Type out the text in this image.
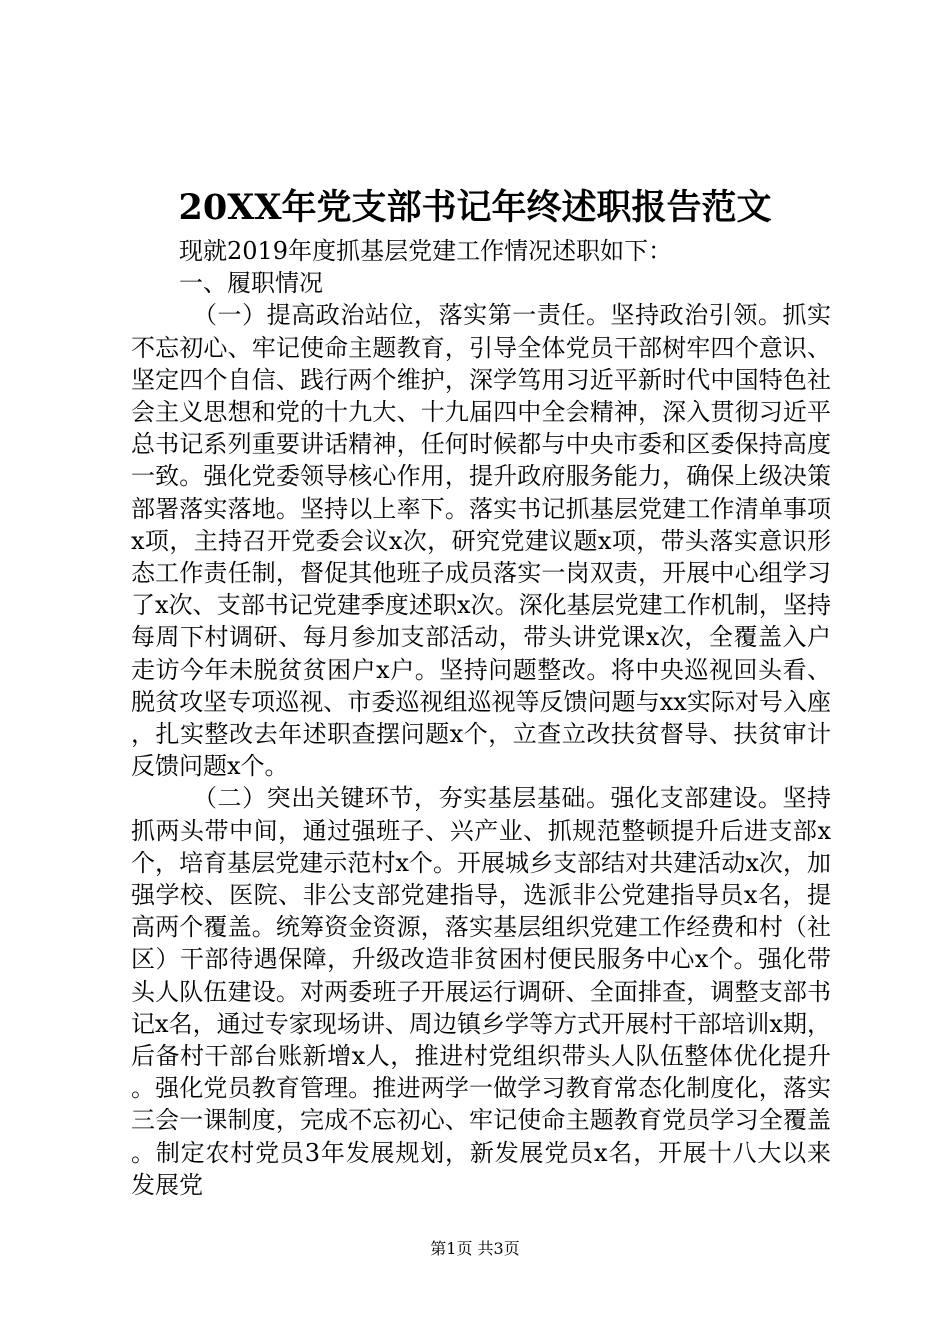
20XX年党支部书记年终述职报告范文

现就2019年度抓基层党建工作情况述职如下：

一、履职情况

（一）提高政治站位，落实第一责任。坚持政治引领。抓实不忘初心、牢记使命主题教育，引导全体党员干部树牢四个意识、坚定四个自信、践行两个维护，深学笃用习近平新时代中国特色社会主义思想和党的十九大、十九届四中全会精神，深入贯彻习近平总书记系列重要讲话精神，任何时候都与中央市委和区委保持高度一致。强化党委领导核心作用，提升政府服务能力，确保上级决策部署落实落地。坚持以上率下。落实书记抓基层党建工作清单事项x项，主持召开党委会议x次，研究党建议题x项，带头落实意识形态工作责任制，督促其他班子成员落实一岗双责，开展中心组学习了x次、支部书记党建季度述职x次。深化基层党建工作机制，坚持每周下村调研、每月参加支部活动，带头讲党课x次，全覆盖入户走访今年未脱贫贫困户x户。坚持问题整改。将中央巡视回头看、脱贫攻坚专项巡视、市委巡视组巡视等反馈问题与xx实际对号入座，扎实整改去年述职查摆问题x个，立查立改扶贫督导、扶贫审计反馈问题x个。

（二）突出关键环节，夯实基层基础。强化支部建设。坚持抓两头带中间，通过强班子、兴产业、抓规范整顿提升后进支部x个，培育基层党建示范村x个。开展城乡支部结对共建活动x次，加强学校、医院、非公支部党建指导，选派非公党建指导员x名，提高两个覆盖。统筹资金资源，落实基层组织党建工作经费和村（社区）干部待遇保障，升级改造非贫困村便民服务中心x个。强化带头人队伍建设。对两委班子开展运行调研、全面排查，调整支部书记x名，通过专家现场讲、周边镇乡学等方式开展村干部培训x期，后备村干部台账新增x人，推进村党组织带头人队伍整体优化提升。强化党员教育管理。推进两学一做学习教育常态化制度化，落实三会一课制度，完成不忘初心、牢记使命主题教育党员学习全覆盖。制定农村党员3年发展规划，新发展党员x名，开展十八大以来发展党

第1页 共3页
